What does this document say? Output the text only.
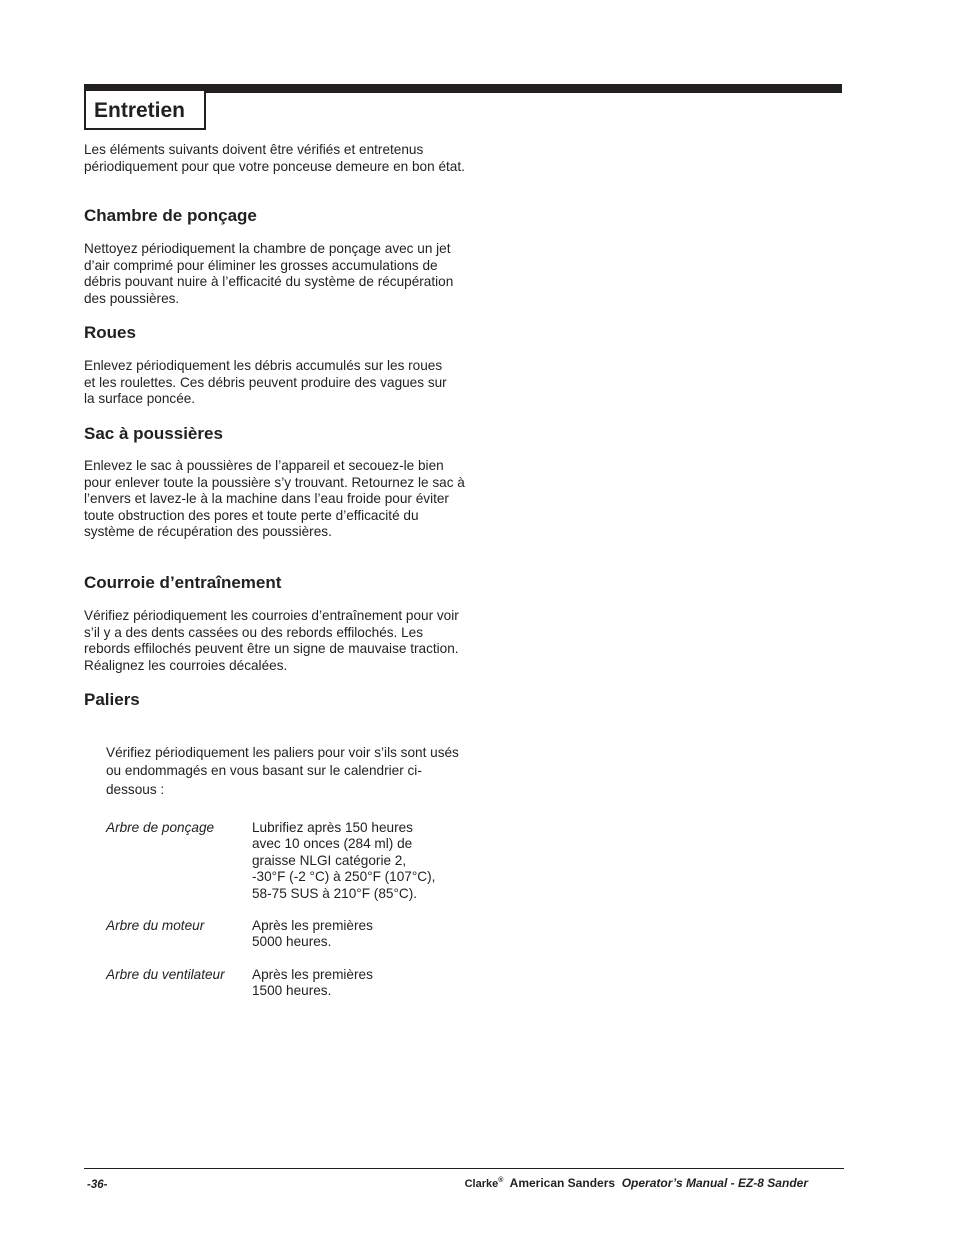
Entretien

Les éléments suivants doivent être vérifiés et entretenus périodiquement pour que votre ponceuse demeure en bon état.

Chambre de ponçage

Nettoyez périodiquement la chambre de ponçage avec un jet d’air comprimé pour éliminer les grosses accumulations de débris pouvant nuire à l’efficacité du système de récupération des poussières.

Roues

Enlevez périodiquement les débris accumulés sur les roues et les roulettes. Ces débris peuvent produire des vagues sur la surface poncée.

Sac à poussières

Enlevez le sac à poussières de l’appareil et secouez-le bien pour enlever toute la poussière s’y trouvant. Retournez le sac à l’envers et lavez-le à la machine dans l’eau froide pour éviter toute obstruction des pores et toute perte d’efficacité du système de récupération des poussières.

Courroie d’entraînement

Vérifiez périodiquement les courroies d’entraînement pour voir s’il y a des dents cassées ou des rebords effilochés. Les rebords effilochés peuvent être un signe de mauvaise traction. Réalignez les courroies décalées.

Paliers

Vérifiez périodiquement les paliers pour voir s’ils sont usés ou endommagés en vous basant sur le calendrier ci-dessous :

Arbre de ponçage	Lubrifiez après 150 heures
avec 10 onces (284 ml) de
graisse NLGI catégorie 2,
-30°F (-2 °C) à 250°F (107°C),
58-75 SUS à 210°F (85°C).
Arbre du moteur	Après les premières
5000 heures.
Arbre du ventilateur Après les premières
1500 heures.
-36-	Clarke® American Sanders Operator’s Manual - EZ-8 Sander
